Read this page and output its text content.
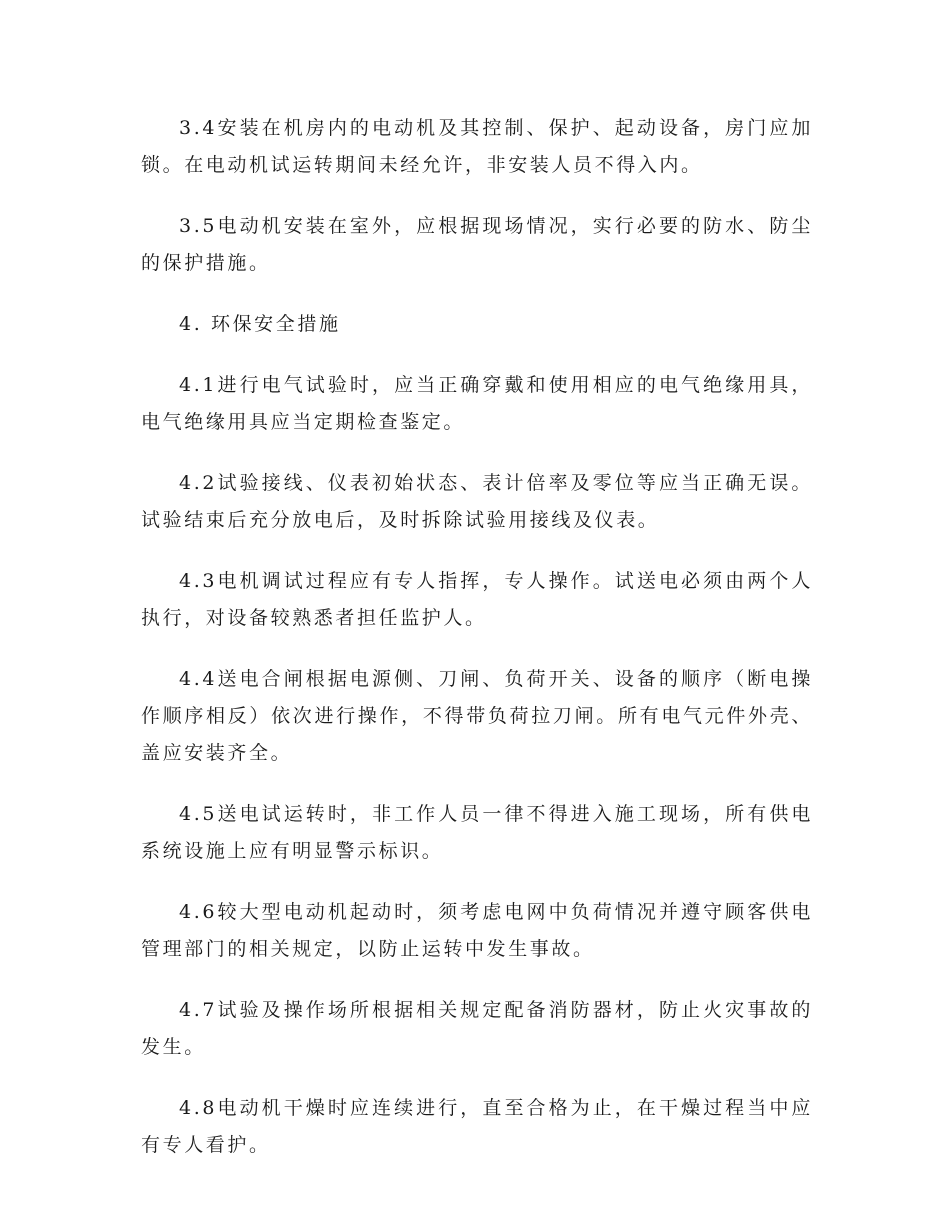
3.4安装在机房内的电动机及其控制、保护、起动设备，房门应加锁。在电动机试运转期间未经允许，非安装人员不得入内。

3.5电动机安装在室外，应根据现场情况，实行必要的防水、防尘的保护措施。

4. 环保安全措施

4.1进行电气试验时，应当正确穿戴和使用相应的电气绝缘用具，电气绝缘用具应当定期检查鉴定。

4.2试验接线、仪表初始状态、表计倍率及零位等应当正确无误。试验结束后充分放电后，及时拆除试验用接线及仪表。

4.3电机调试过程应有专人指挥，专人操作。试送电必须由两个人执行，对设备较熟悉者担任监护人。

4.4送电合闸根据电源侧、刀闸、负荷开关、设备的顺序（断电操作顺序相反）依次进行操作，不得带负荷拉刀闸。所有电气元件外壳、盖应安装齐全。

4.5送电试运转时，非工作人员一律不得进入施工现场，所有供电系统设施上应有明显警示标识。

4.6较大型电动机起动时，须考虑电网中负荷情况并遵守顾客供电管理部门的相关规定，以防止运转中发生事故。

4.7试验及操作场所根据相关规定配备消防器材，防止火灾事故的发生。

4.8电动机干燥时应连续进行，直至合格为止，在干燥过程当中应有专人看护。
